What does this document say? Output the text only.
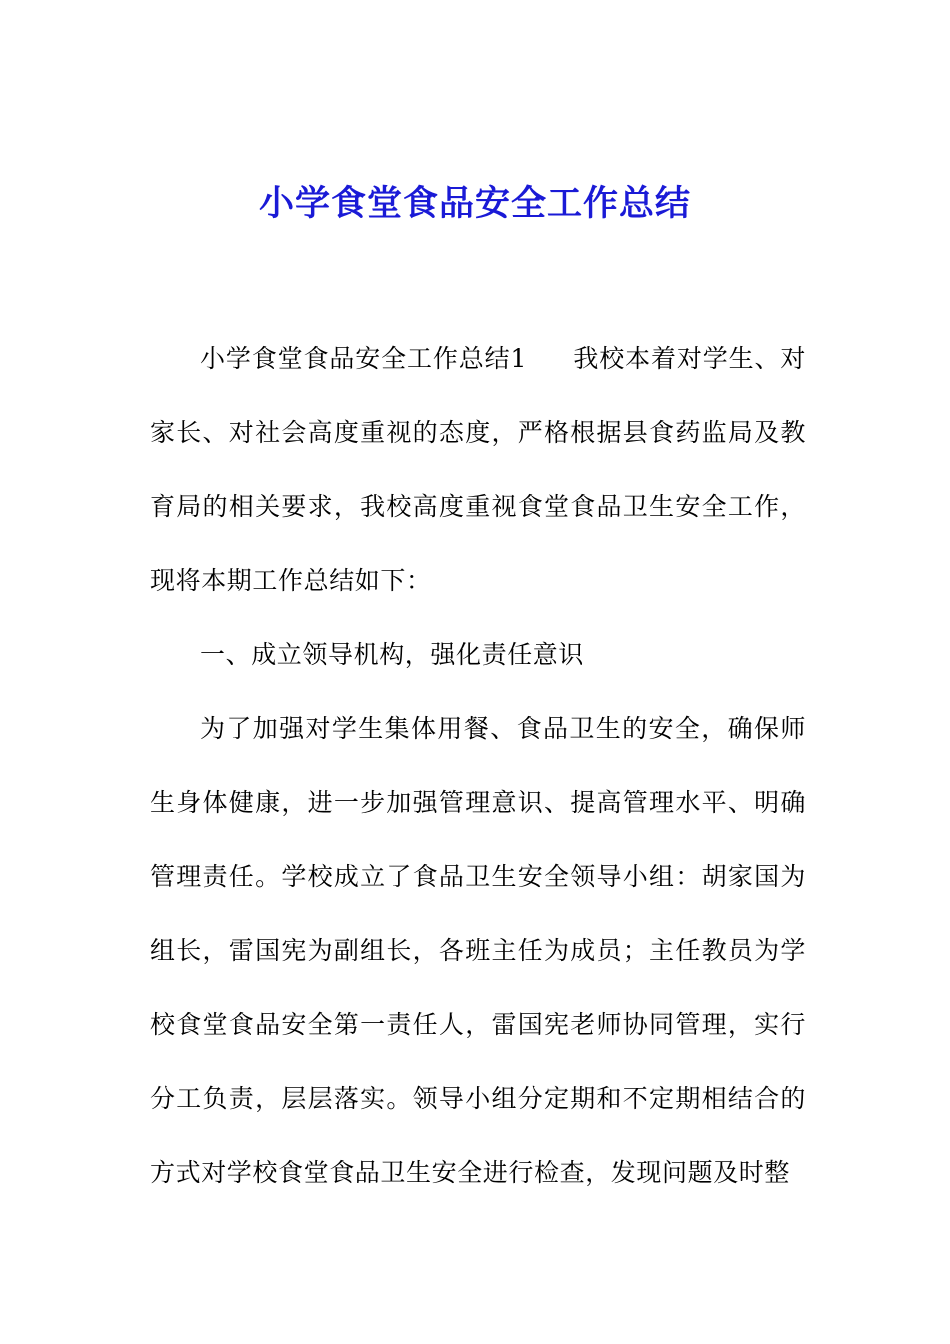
小学食堂食品安全工作总结

小学食堂食品安全工作总结1 我校本着对学生、对家长、对社会高度重视的态度，严格根据县食药监局及教育局的相关要求，我校高度重视食堂食品卫生安全工作，现将本期工作总结如下：

一、成立领导机构，强化责任意识

为了加强对学生集体用餐、食品卫生的安全，确保师生身体健康，进一步加强管理意识、提高管理水平、明确管理责任。学校成立了食品卫生安全领导小组：胡家国为组长，雷国宪为副组长，各班主任为成员；主任教员为学校食堂食品安全第一责任人，雷国宪老师协同管理，实行分工负责，层层落实。领导小组分定期和不定期相结合的方式对学校食堂食品卫生安全进行检查，发现问题及时整
